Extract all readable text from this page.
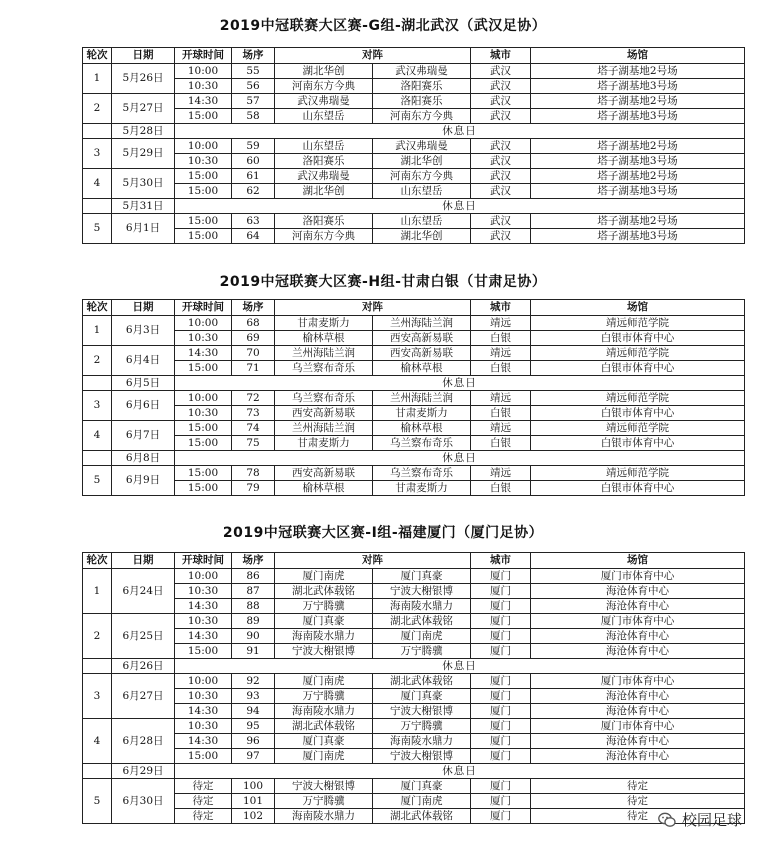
2019中冠联赛大区赛-G组-湖北武汉（武汉足协）
轮次	日期	开球时间	场序	对阵		城市	场馆
1	5月26日	10:00	55	湖北华创	武汉弗瑞曼	武汉	塔子湖基地2号场
		10:30	56	河南东方今典	洛阳赛乐	武汉	塔子湖基地3号场
2	5月27日	14:30	57	武汉弗瑞曼	洛阳赛乐	武汉	塔子湖基地2号场
		15:00	58	山东望岳	河南东方今典	武汉	塔子湖基地3号场
	5月28日	休息日					
3	5月29日	10:00	59	山东望岳	武汉弗瑞曼	武汉	塔子湖基地2号场
		10:30	60	洛阳赛乐	湖北华创	武汉	塔子湖基地3号场
4	5月30日	15:00	61	武汉弗瑞曼	河南东方今典	武汉	塔子湖基地2号场
		15:00	62	湖北华创	山东望岳	武汉	塔子湖基地3号场
	5月31日	休息日					
5	6月1日	15:00	63	洛阳赛乐	山东望岳	武汉	塔子湖基地2号场
		15:00	64	河南东方今典	湖北华创	武汉	塔子湖基地3号场
2019中冠联赛大区赛-H组-甘肃白银（甘肃足协）
轮次	日期	开球时间	场序	对阵		城市	场馆
1	6月3日	10:00	68	甘肃麦斯力	兰州海陆兰润	靖远	靖远师范学院
		10:30	69	榆林草根	西安高新易联	白银	白银市体育中心
2	6月4日	14:30	70	兰州海陆兰润	西安高新易联	靖远	靖远师范学院
		15:00	71	乌兰察布奇乐	榆林草根	白银	白银市体育中心
	6月5日	休息日					
3	6月6日	10:00	72	乌兰察布奇乐	兰州海陆兰润	靖远	靖远师范学院
		10:30	73	西安高新易联	甘肃麦斯力	白银	白银市体育中心
4	6月7日	15:00	74	兰州海陆兰润	榆林草根	靖远	靖远师范学院
		15:00	75	甘肃麦斯力	乌兰察布奇乐	白银	白银市体育中心
	6月8日	休息日					
5	6月9日	15:00	78	西安高新易联	乌兰察布奇乐	靖远	靖远师范学院
		15:00	79	榆林草根	甘肃麦斯力	白银	白银市体育中心
2019中冠联赛大区赛-I组-福建厦门（厦门足协）
轮次	日期	开球时间	场序	对阵		城市	场馆
1	6月24日	10:00	86	厦门南虎	厦门真豪	厦门	厦门市体育中心
		10:30	87	湖北武体载铭	宁波大榭银博	厦门	海沧体育中心
		14:30	88	万宁腾骥	海南陵水鼎力	厦门	海沧体育中心
2	6月25日	10:30	89	厦门真豪	湖北武体载铭	厦门	厦门市体育中心
		14:30	90	海南陵水鼎力	厦门南虎	厦门	海沧体育中心
		15:00	91	宁波大榭银博	万宁腾骥	厦门	海沧体育中心
	6月26日	休息日					
3	6月27日	10:00	92	厦门南虎	湖北武体载铭	厦门	厦门市体育中心
		10:30	93	万宁腾骥	厦门真豪	厦门	海沧体育中心
		14:30	94	海南陵水鼎力	宁波大榭银博	厦门	海沧体育中心
4	6月28日	10:30	95	湖北武体载铭	万宁腾骥	厦门	厦门市体育中心
		14:30	96	厦门真豪	海南陵水鼎力	厦门	海沧体育中心
		15:00	97	厦门南虎	宁波大榭银博	厦门	海沧体育中心
	6月29日	休息日					
5	6月30日	待定	100	宁波大榭银博	厦门真豪	厦门	待定
		待定	101	万宁腾骥	厦门南虎	厦门	待定
		待定	102	海南陵水鼎力	湖北武体载铭	厦门	待定 校园足球
